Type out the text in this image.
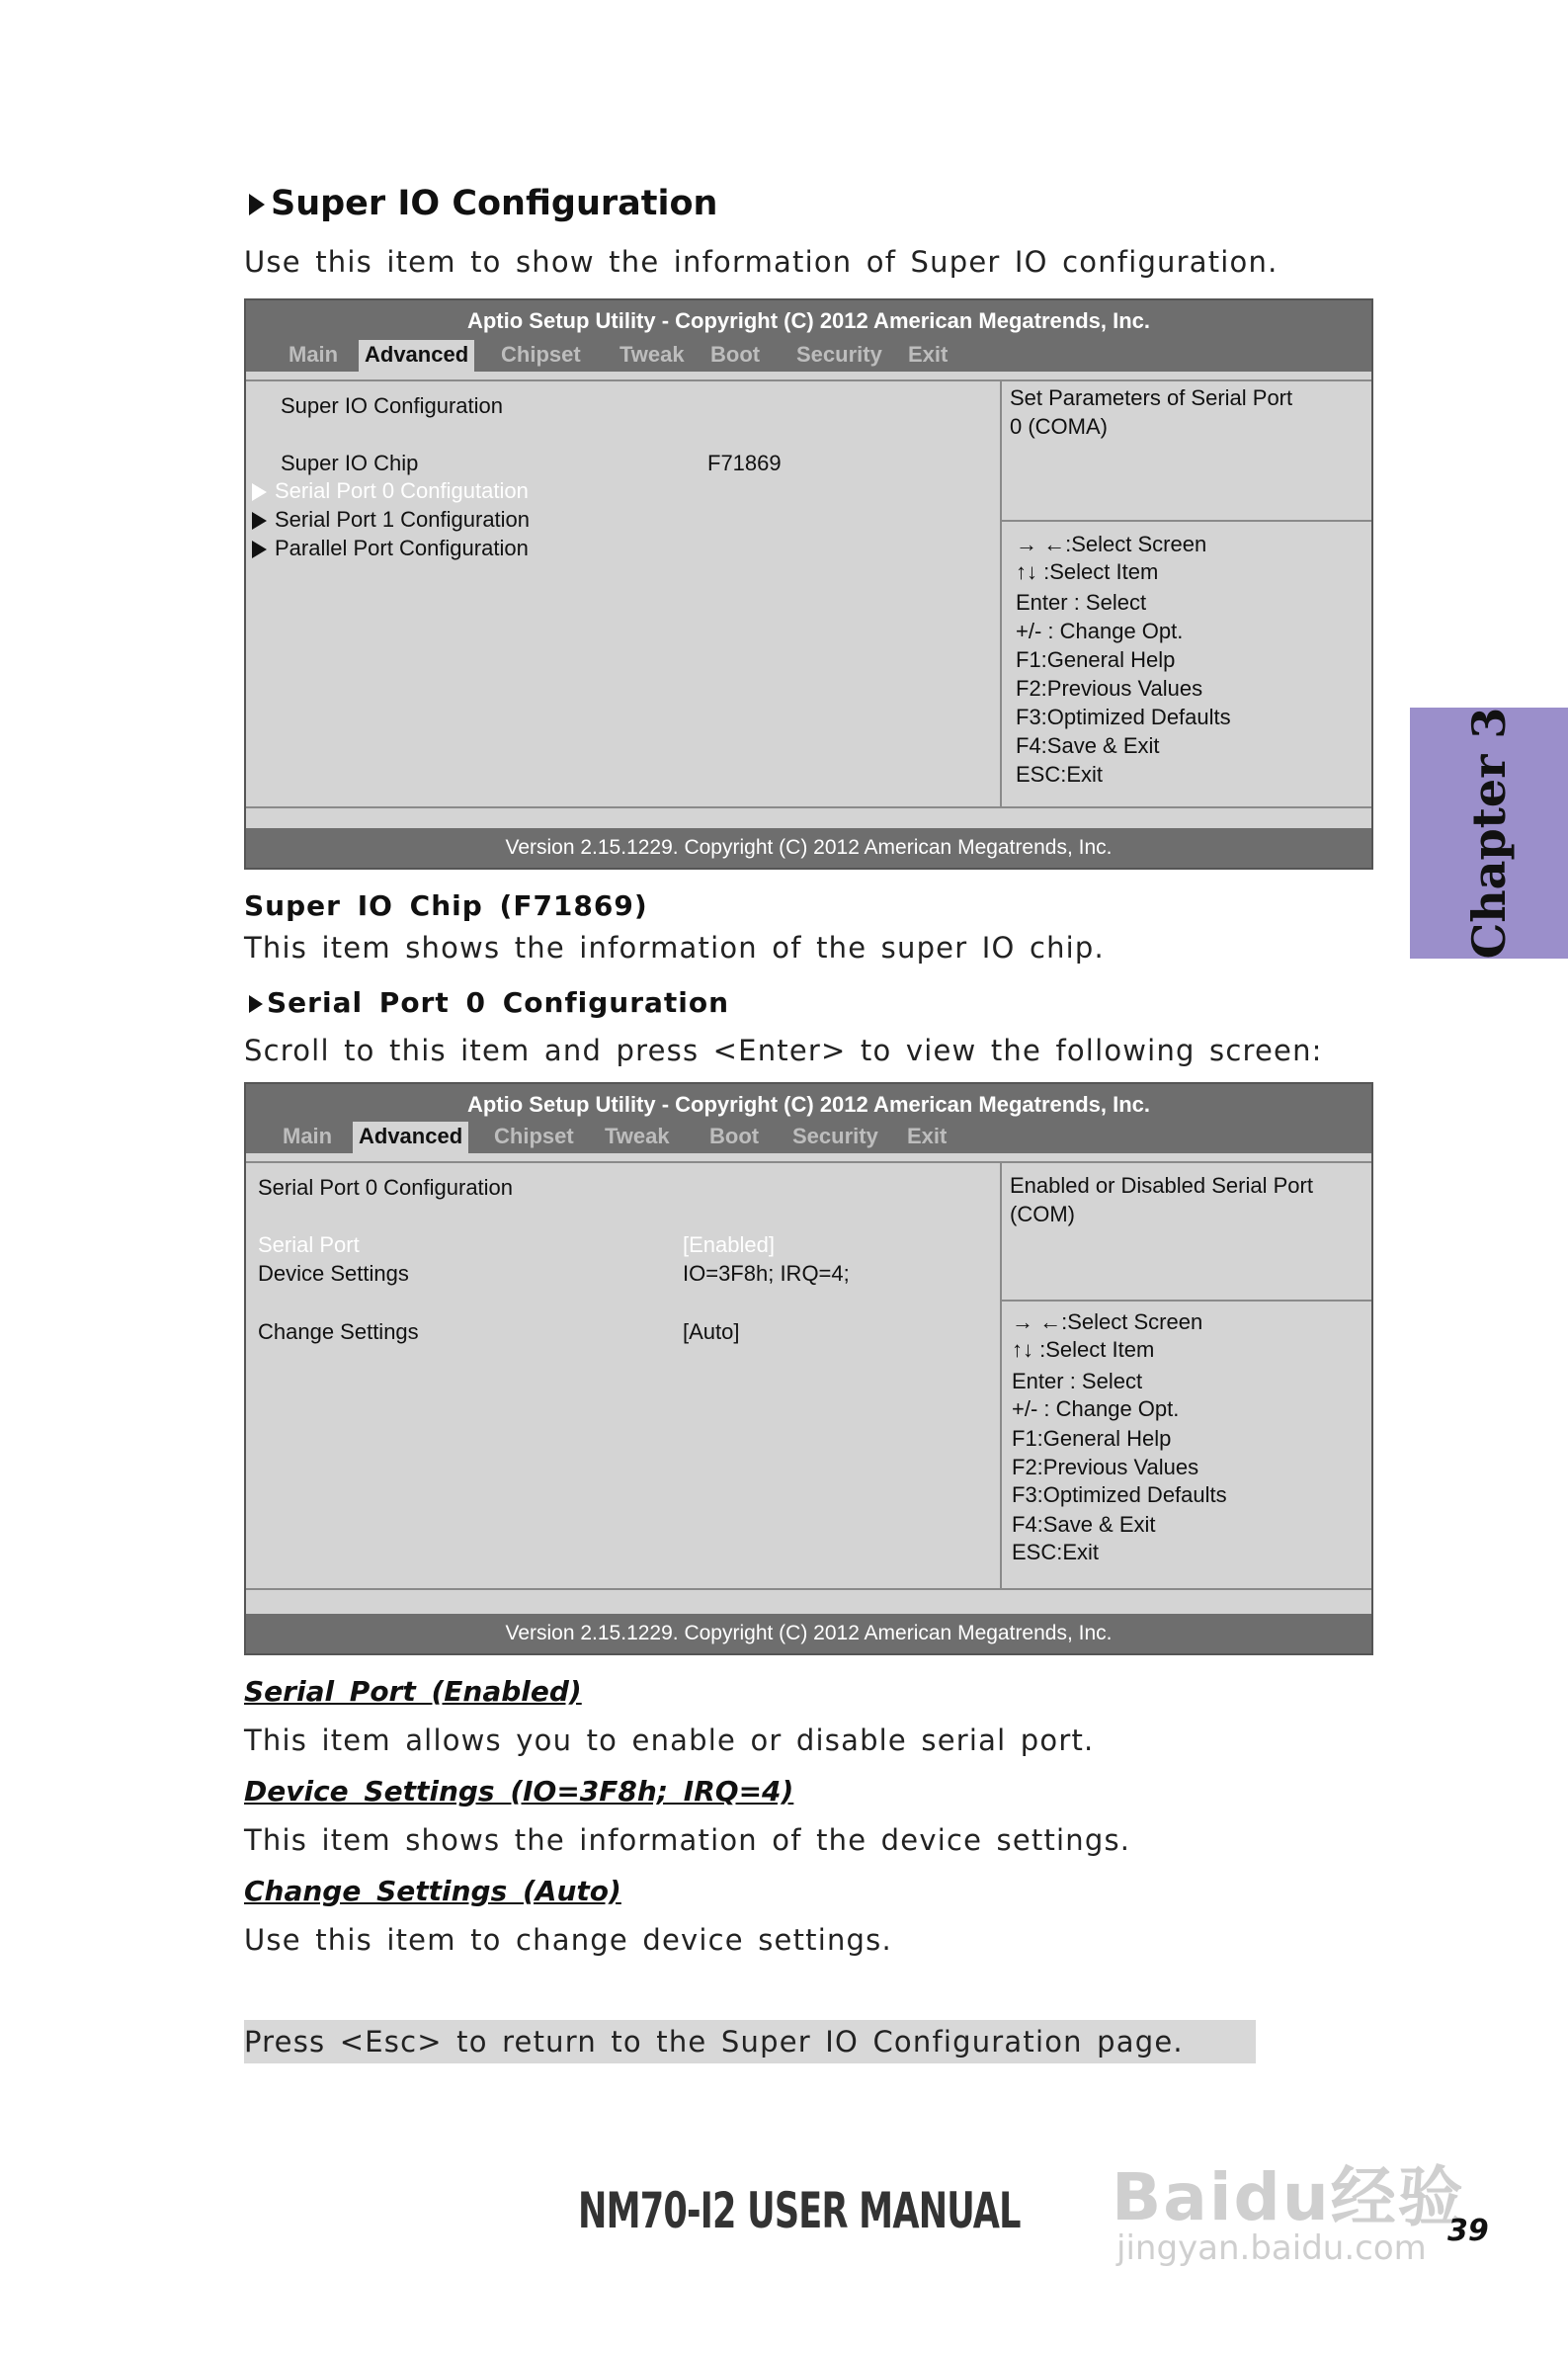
Super IO Configuration
Use this item to show the information of Super IO configuration.
Aptio Setup Utility - Copyright (C) 2012 American Megatrends, Inc.
Main Advanced Chipset Tweak Boot Security Exit
Super IO Configuration
Super IO Chip	F71869
Serial Port 0 Configutation
Serial Port 1 Configuration
Parallel Port Configuration
Set Parameters of Serial Port
0 (COMA)
→ ←:Select Screen
↑↓ :Select Item
Enter : Select
+/- : Change Opt.
F1:General Help
F2:Previous Values
F3:Optimized Defaults
F4:Save & Exit
ESC:Exit
Version 2.15.1229. Copyright (C) 2012 American Megatrends, Inc.
Super IO Chip (F71869)
This item shows the information of the super IO chip.
Serial Port 0 Configuration
Scroll to this item and press <Enter> to view the following screen:
Aptio Setup Utility - Copyright (C) 2012 American Megatrends, Inc.
Main Advanced Chipset Tweak Boot Security Exit
Serial Port 0 Configuration
Serial Port	[Enabled]
Device Settings	IO=3F8h; IRQ=4;
Change Settings	[Auto]
Enabled or Disabled Serial Port
(COM)
→ ←:Select Screen
↑↓ :Select Item
Enter : Select
+/- : Change Opt.
F1:General Help
F2:Previous Values
F3:Optimized Defaults
F4:Save & Exit
ESC:Exit
Version 2.15.1229. Copyright (C) 2012 American Megatrends, Inc.
Serial Port (Enabled)
This item allows you to enable or disable serial port.
Device Settings (IO=3F8h; IRQ=4)
This item shows the information of the device settings.
Change Settings (Auto)
Use this item to change device settings.
Press <Esc> to return to the Super IO Configuration page.
Chapter 3
NM70-I2 USER MANUAL Baidu经验
jingyan.baidu.com 39
